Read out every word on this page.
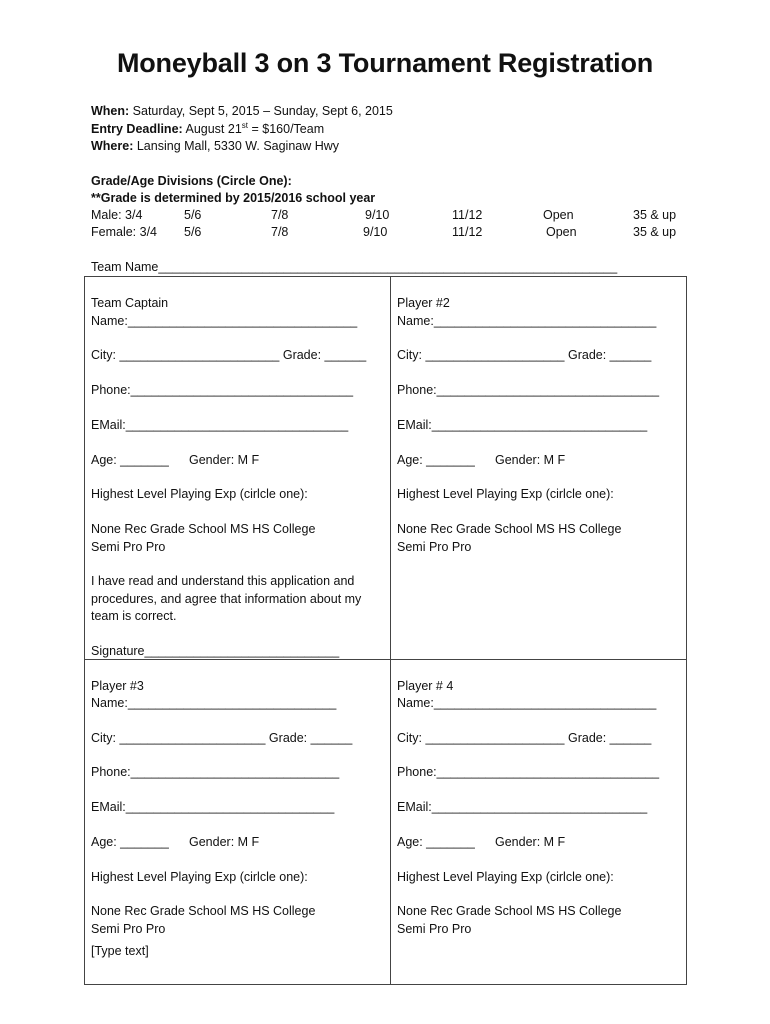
Moneyball 3 on 3 Tournament Registration
When: Saturday, Sept 5, 2015 – Sunday, Sept 6, 2015
Entry Deadline: August 21st = $160/Team
Where: Lansing Mall, 5330 W. Saginaw Hwy
Grade/Age Divisions (Circle One):
**Grade is determined by 2015/2016 school year
Male: 3/4	5/6	7/8	9/10	11/12	Open	35 & up
Female: 3/4 5/6	7/8	9/10	11/12	Open	35 & up
Team Name__________________________________________________________________
Team Captain
Name:_________________________________
City: _______________________ Grade: ______
Phone:________________________________
EMail:________________________________
Age: _______ Gender: M F
Highest Level Playing Exp (cirlcle one):
None Rec Grade School MS HS College
Semi Pro Pro
I have read and understand this application and
procedures, and agree that information about my
team is correct.
Signature____________________________
Player #2
Name:________________________________
City: ____________________ Grade: ______
Phone:________________________________
EMail:_______________________________
Age: _______ Gender: M F
Highest Level Playing Exp (cirlcle one):
None Rec Grade School MS HS College
Semi Pro Pro
Player #3
Name:______________________________
City: _____________________ Grade: ______
Phone:______________________________
EMail:______________________________
Age: _______ Gender: M F
Highest Level Playing Exp (cirlcle one):
None Rec Grade School MS HS College
Semi Pro Pro
[Type text]
Player # 4
Name:________________________________
City: ____________________ Grade: ______
Phone:________________________________
EMail:_______________________________
Age: _______ Gender: M F
Highest Level Playing Exp (cirlcle one):
None Rec Grade School MS HS College
Semi Pro Pro
